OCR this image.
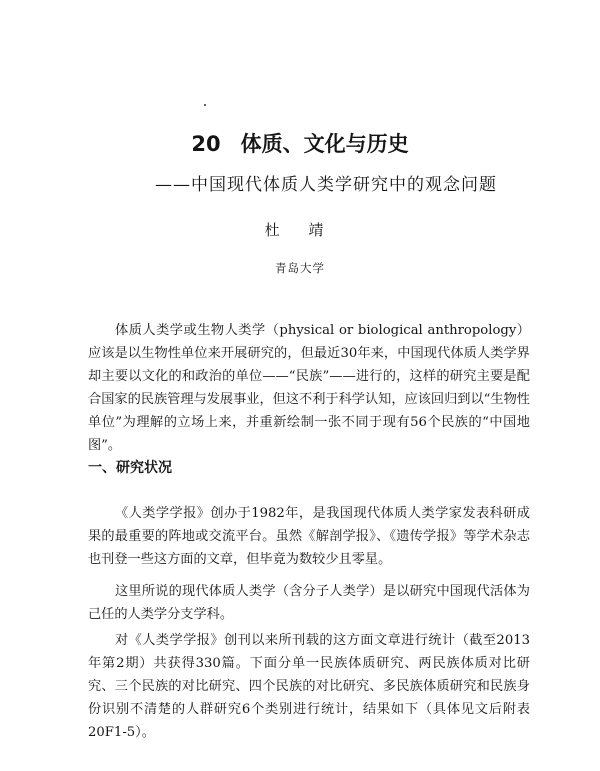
20 体质、文化与历史
——中国现代体质人类学研究中的观念问题
杜 靖
青岛大学

体质人类学或生物人类学（physical or biological anthropology）应该是以生物性单位来开展研究的，但最近30年来，中国现代体质人类学界却主要以文化的和政治的单位——“民族”——进行的，这样的研究主要是配合国家的民族管理与发展事业，但这不利于科学认知，应该回归到以“生物性单位”为理解的立场上来，并重新绘制一张不同于现有56个民族的“中国地图”。

一、研究状况

《人类学学报》创办于1982年，是我国现代体质人类学家发表科研成果的最重要的阵地或交流平台。虽然《解剖学报》、《遗传学报》等学术杂志也刊登一些这方面的文章，但毕竟为数较少且零星。

这里所说的现代体质人类学（含分子人类学）是以研究中国现代活体为己任的人类学分支学科。

对《人类学学报》创刊以来所刊载的这方面文章进行统计（截至2013年第2期）共获得330篇。下面分单一民族体质研究、两民族体质对比研究、三个民族的对比研究、四个民族的对比研究、多民族体质研究和民族身份识别不清楚的人群研究6个类别进行统计，结果如下（具体见文后附表20F1-5）。
